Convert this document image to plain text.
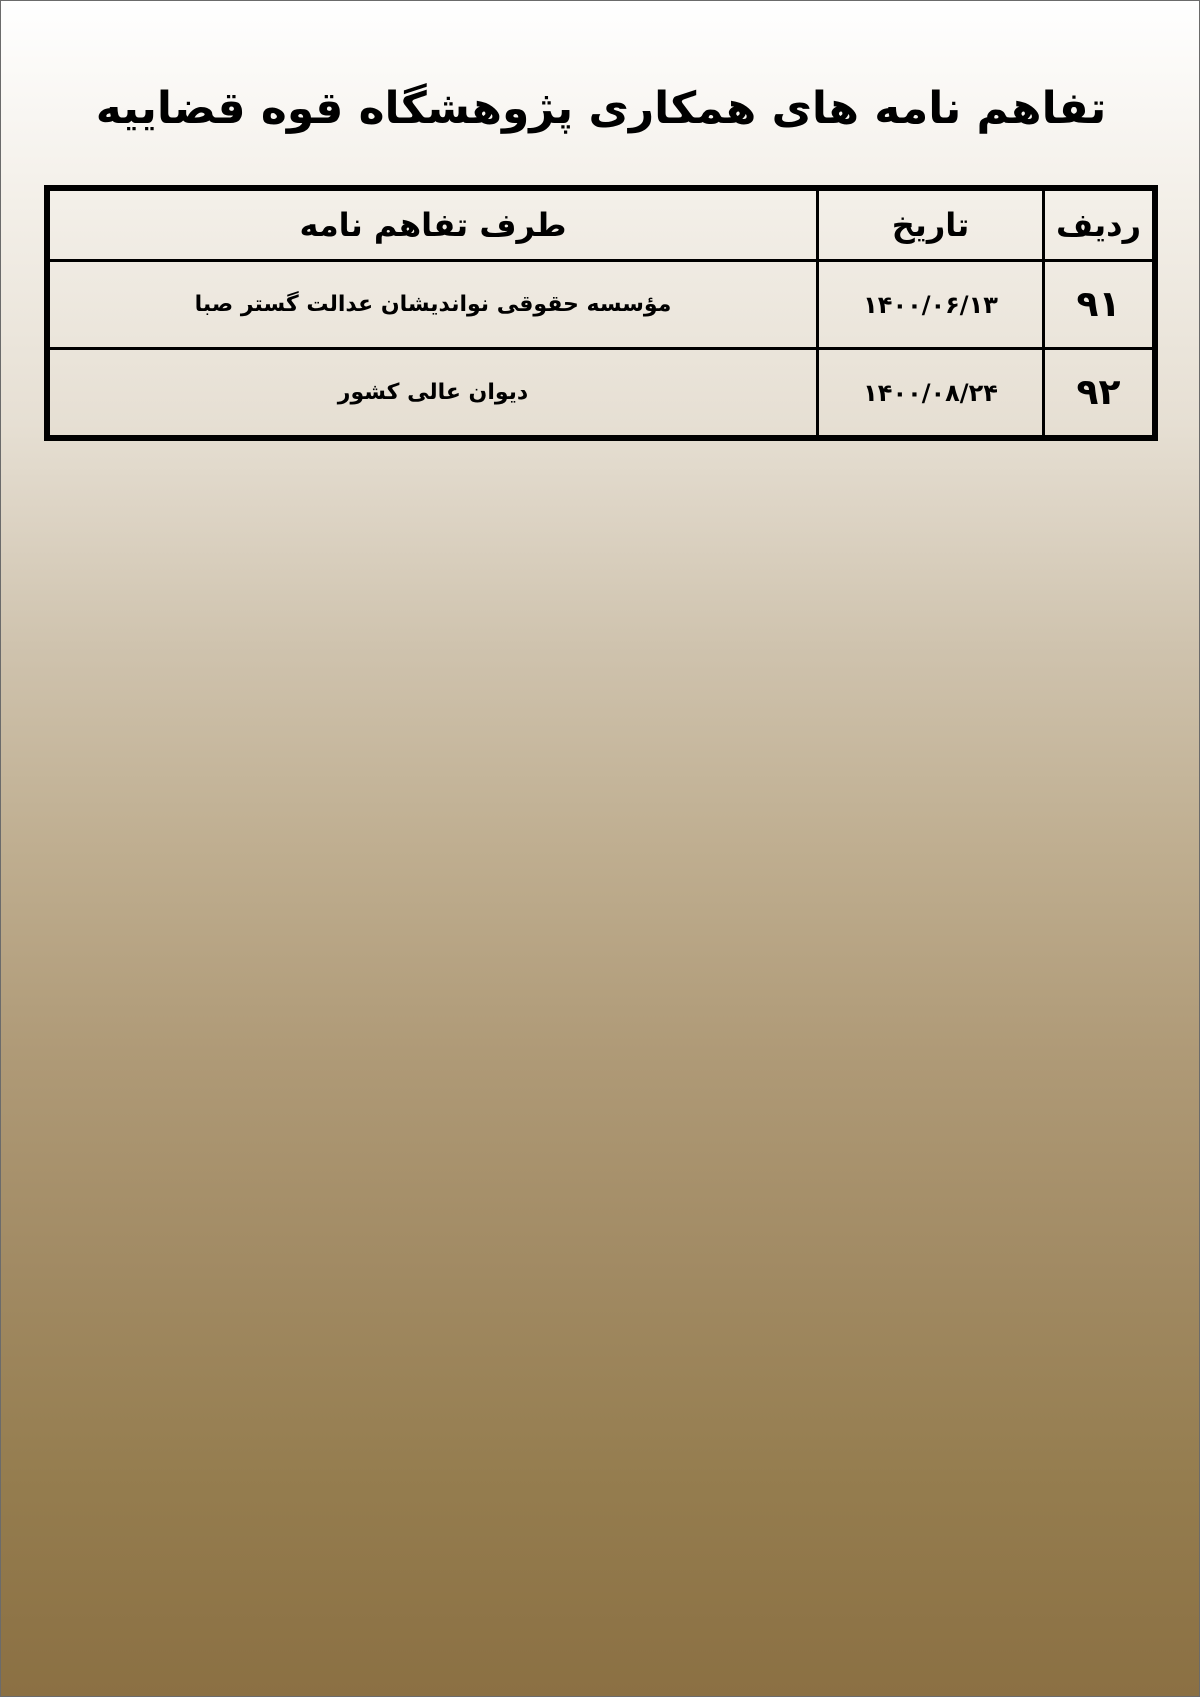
تفاهم نامه های همکاری پژوهشگاه قوه قضاییه
ردیف	تاریخ	طرف تفاهم نامه
۹۱	۱۴۰۰/۰۶/۱۳	مؤسسه حقوقی نواندیشان عدالت گستر صبا
۹۲	۱۴۰۰/۰۸/۲۴	دیوان عالی کشور
